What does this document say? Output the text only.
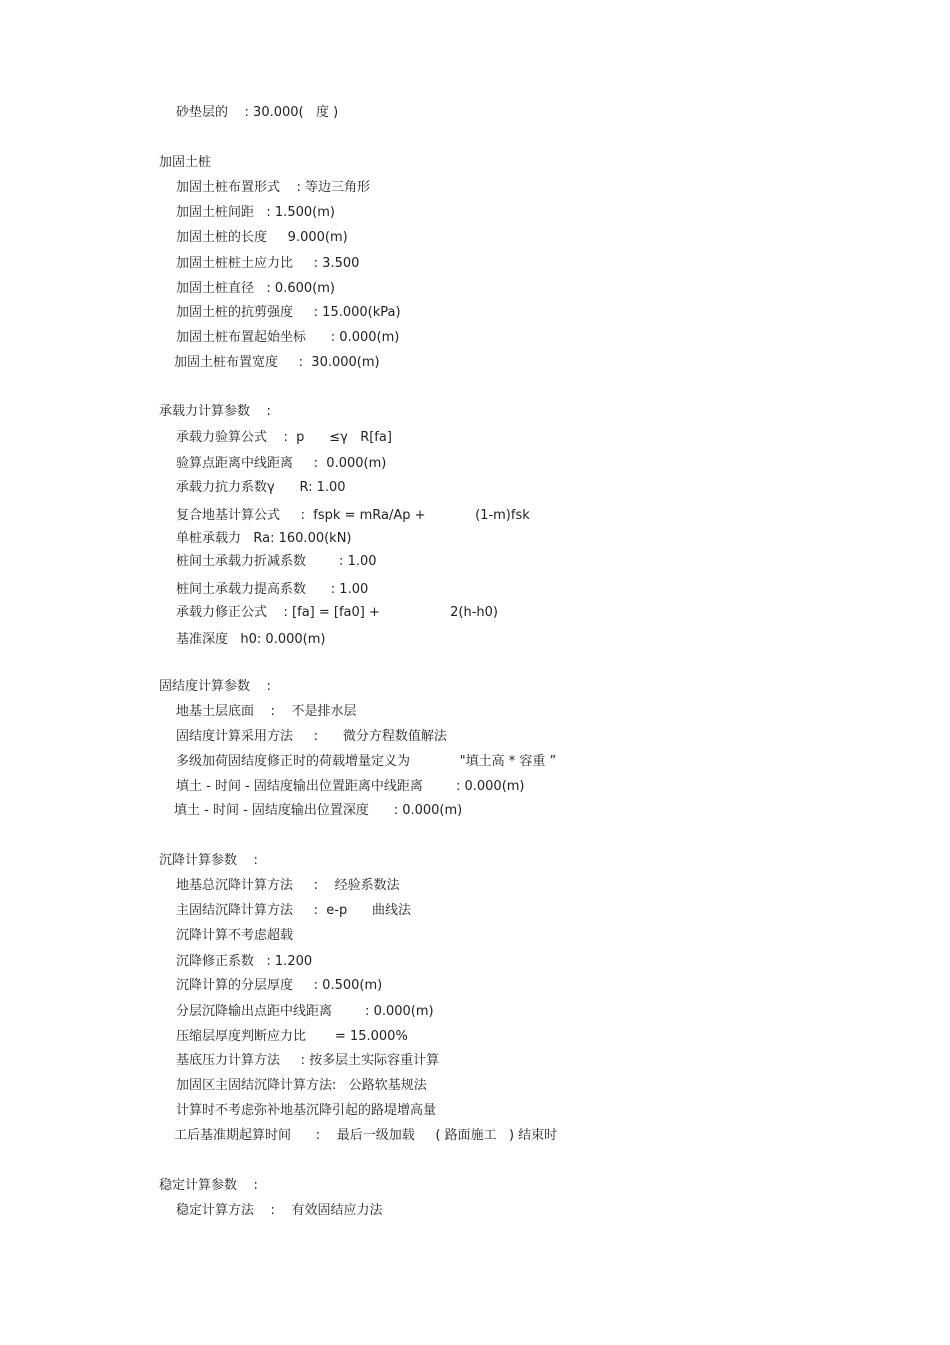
砂垫层的    : 30.000(   度 )
加固土桩
加固土桩布置形式    : 等边三角形
加固土桩间距   : 1.500(m)
加固土桩的长度     9.000(m)
加固土桩桩土应力比     : 3.500
加固土桩直径   : 0.600(m)
加固土桩的抗剪强度     : 15.000(kPa)
加固土桩布置起始坐标      : 0.000(m)
加固土桩布置宽度     :  30.000(m)
承载力计算参数    :
承载力验算公式    :  p      ≤γ   R[fa]
验算点距离中线距离     :  0.000(m)
承载力抗力系数γ      R: 1.00
复合地基计算公式     :  fspk = mRa/Ap +            (1-m)fsk
单桩承载力   Ra: 160.00(kN)
桩间土承载力折减系数        : 1.00
桩间土承载力提高系数      : 1.00
承载力修正公式    : [fa] = [fa0] +                 2(h-h0)
基准深度   h0: 0.000(m)
固结度计算参数    :
地基土层底面    :    不是排水层
固结度计算采用方法     :      微分方程数值解法
多级加荷固结度修正时的荷载增量定义为            "填土高 * 容重 ”
填土 - 时间 - 固结度输出位置距离中线距离        : 0.000(m)
填土 - 时间 - 固结度输出位置深度      : 0.000(m)
沉降计算参数    :
地基总沉降计算方法     :    经验系数法
主固结沉降计算方法     :  e-p      曲线法
沉降计算不考虑超载
沉降修正系数   : 1.200
沉降计算的分层厚度     : 0.500(m)
分层沉降输出点距中线距离        : 0.000(m)
压缩层厚度判断应力比       = 15.000%
基底压力计算方法     : 按多层土实际容重计算
加固区主固结沉降计算方法:   公路软基规法
计算时不考虑弥补地基沉降引起的路堤增高量
工后基准期起算时间      :    最后一级加载     ( 路面施工   ) 结束时
稳定计算参数    :
稳定计算方法    :    有效固结应力法
